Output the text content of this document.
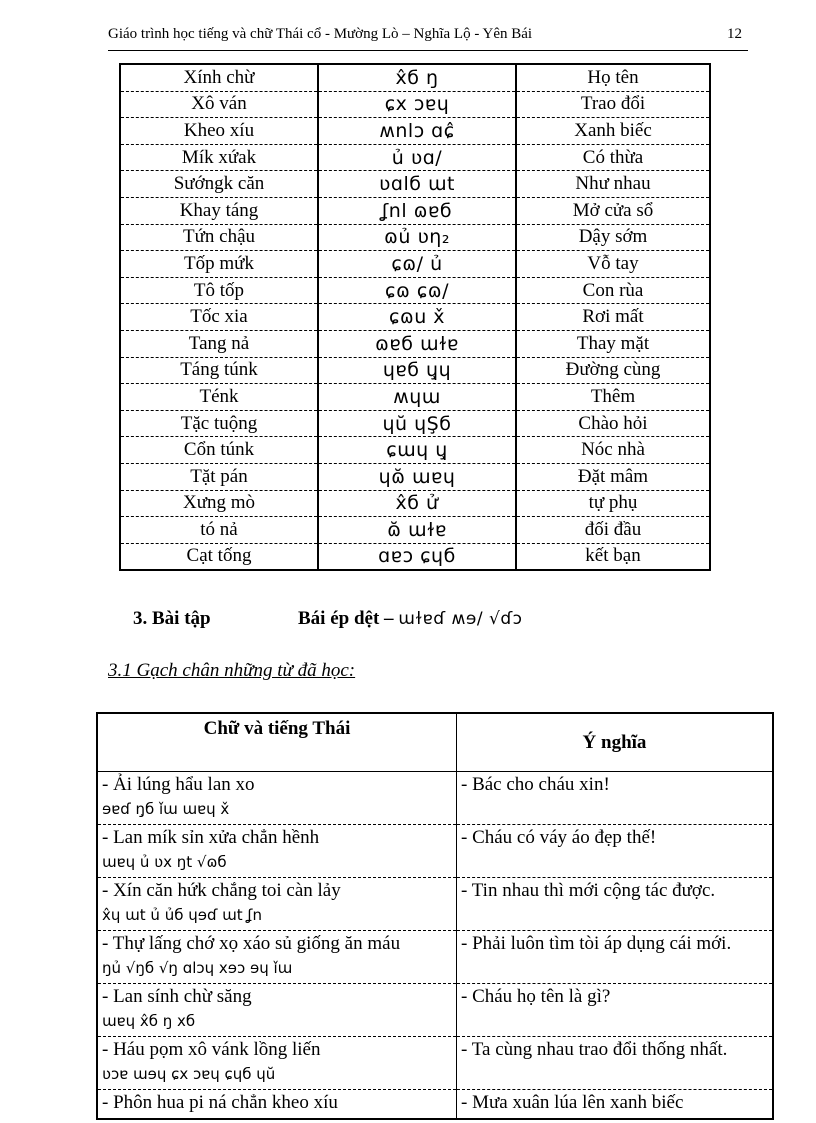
Giáo trình học tiếng và chữ Thái cổ - Mường Lò – Nghĩa Lộ - Yên Bái	12
Xính chừ	x̂б ŋ	Họ tên
Xô ván	ɕx ɔɐɥ	Trao đổi
Kheo xíu	ʍnlɔ ɑɕ̂	Xanh biếc
Mík xứak	ủ ʋɑ/	Có thừa
Sướngk căn	ʋɑlб ɯt	Như nhau
Khay táng	ʆnl ɷɐб	Mở cửa sổ
Tứn chậu	ɷủ ʋη₂	Dậy sớm
Tốp mứk	ɕɷ/ ủ	Vỗ tay
Tô tốp	ɕɷ ɕɷ/	Con rùa
Tốc xia	ɕɷu x̌	Rơi mất
Tang nả	ɷɐб ɯɫɐ	Thay mặt
Táng túnk	ɥɐб ɥ̧ɥ	Đường cùng
Ténk	ʍɥɯ	Thêm
Tặc tuộng	ɥŭ ɥŞб	Chào hỏi
Cổn túnk	ɕɯɥ ɥ̧	Nóc nhà
Tặt pán	ɥɷ̆ ɯɐɥ	Đặt mâm
Xưng mò	x̂б ử	tự phụ
tó nả	ɷ̆ ɯɫɐ	đối đầu
Cạt tống	ɑɐɔ ɕɥб	kết bạn
3. Bài tập	Bái ép dệt – ɯɫɐɗ ʍɘ/ √ɗɔ
3.1 Gạch chân những từ đã học:
Chữ và tiếng Thái	Ý nghĩa
- Ải lúng hẩu lan xo
ɘɐɗ ŋ̧б ǐɯ ɯɐɥ x̌	- Bác cho cháu xin!
- Lan mík sỉn xửa chẳn hềnh
ɯɐɥ ủ ʋx ŋt √ɷб	- Cháu có váy áo đẹp thế!
- Xín căn hứk chắng toi càn lảy
x̂ɥ ɯt ủ ủб ɥɘɗ ɯt ʆn	- Tin nhau thì mới cộng tác được.
- Thự lấng chớ xọ xáo sủ giống ăn máu
ŋủ √ŋб √ŋ ɑlɔɥ xɘɔ ɘɥ ǐɯ	- Phải luôn tìm tòi áp dụng cái mới.
- Lan sính chừ săng
ɯɐɥ x̂б ŋ xб	- Cháu họ tên là gì?
- Háu pọm xô vánk lồng liến
ʋɔɐ ɯɘɥ ɕx ɔɐɥ ɕɥб ɥŭ	- Ta cùng nhau trao đổi thống nhất.
- Phôn hua pi ná chẳn kheo xíu	- Mưa xuân lúa lên xanh biếc
